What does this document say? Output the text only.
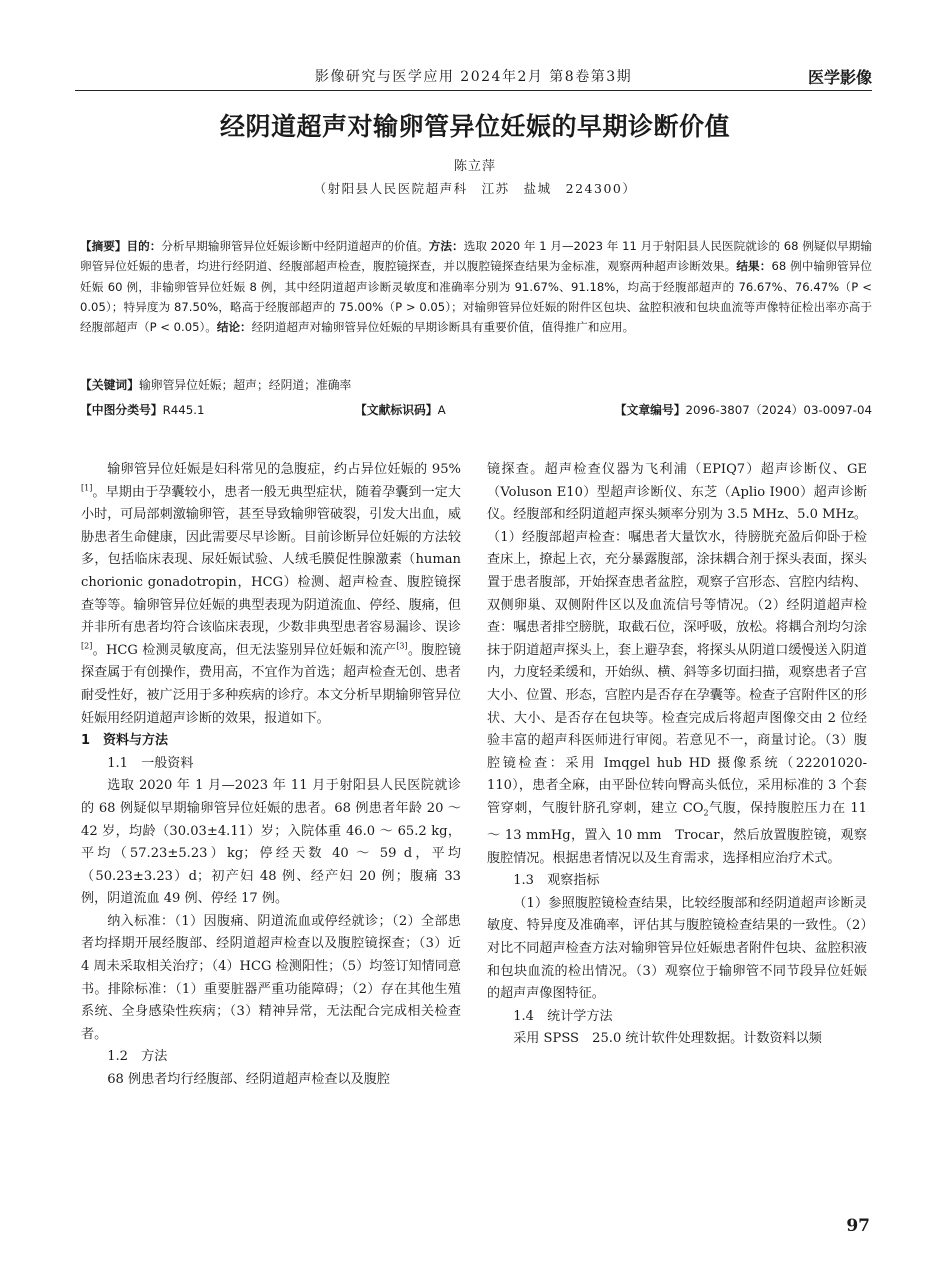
影像研究与医学应用 2024年2月 第8卷第3期	医学影像
经阴道超声对输卵管异位妊娠的早期诊断价值
陈立萍
（射阳县人民医院超声科　江苏　盐城　224300）
【摘要】目的：分析早期输卵管异位妊娠诊断中经阴道超声的价值。方法：选取 2020 年 1 月—2023 年 11 月于射阳县人民医院就诊的 68 例疑似早期输卵管异位妊娠的患者，均进行经阴道、经腹部超声检查，腹腔镜探查，并以腹腔镜探查结果为金标准，观察两种超声诊断效果。结果：68 例中输卵管异位妊娠 60 例，非输卵管异位妊娠 8 例，其中经阴道超声诊断灵敏度和准确率分别为 91.67%、91.18%，均高于经腹部超声的 76.67%、76.47%（P < 0.05）；特异度为 87.50%，略高于经腹部超声的 75.00%（P > 0.05）；对输卵管异位妊娠的附件区包块、盆腔积液和包块血流等声像特征检出率亦高于经腹部超声（P < 0.05）。结论：经阴道超声对输卵管异位妊娠的早期诊断具有重要价值，值得推广和应用。
【关键词】输卵管异位妊娠；超声；经阴道；准确率
【中图分类号】R445.1	【文献标识码】A	【文章编号】2096-3807（2024）03-0097-04

输卵管异位妊娠是妇科常见的急腹症，约占异位妊娠的 95%[1]。早期由于孕囊较小，患者一般无典型症状，随着孕囊到一定大小时，可局部刺激输卵管，甚至导致输卵管破裂，引发大出血，威胁患者生命健康，因此需要尽早诊断。目前诊断异位妊娠的方法较多，包括临床表现、尿妊娠试验、人绒毛膜促性腺激素（human chorionic gonadotropin，HCG）检测、超声检查、腹腔镜探查等等。输卵管异位妊娠的典型表现为阴道流血、停经、腹痛，但并非所有患者均符合该临床表现，少数非典型患者容易漏诊、误诊[2]。HCG 检测灵敏度高，但无法鉴别异位妊娠和流产[3]。腹腔镜探查属于有创操作，费用高，不宜作为首选；超声检查无创、患者耐受性好，被广泛用于多种疾病的诊疗。本文分析早期输卵管异位妊娠用经阴道超声诊断的效果，报道如下。

1　资料与方法

1.1　一般资料

选取 2020 年 1 月—2023 年 11 月于射阳县人民医院就诊的 68 例疑似早期输卵管异位妊娠的患者。68 例患者年龄 20 ～ 42 岁，均龄（30.03±4.11）岁；入院体重 46.0 ～ 65.2 kg，平均（57.23±5.23）kg；停经天数 40 ～ 59 d，平均（50.23±3.23）d；初产妇 48 例、经产妇 20 例；腹痛 33 例，阴道流血 49 例、停经 17 例。

纳入标准：（1）因腹痛、阴道流血或停经就诊；（2）全部患者均择期开展经腹部、经阴道超声检查以及腹腔镜探查；（3）近 4 周未采取相关治疗；（4）HCG 检测阳性；（5）均签订知情同意书。排除标准：（1）重要脏器严重功能障碍；（2）存在其他生殖系统、全身感染性疾病；（3）精神异常，无法配合完成相关检查者。

1.2　方法

68 例患者均行经腹部、经阴道超声检查以及腹腔

镜探查。超声检查仪器为飞利浦（EPIQ7）超声诊断仪、GE（Voluson E10）型超声诊断仪、东芝（Aplio I900）超声诊断仪。经腹部和经阴道超声探头频率分别为 3.5 MHz、5.0 MHz。（1）经腹部超声检查：嘱患者大量饮水，待膀胱充盈后仰卧于检查床上，撩起上衣，充分暴露腹部，涂抹耦合剂于探头表面，探头置于患者腹部，开始探查患者盆腔，观察子宫形态、宫腔内结构、双侧卵巢、双侧附件区以及血流信号等情况。（2）经阴道超声检查：嘱患者排空膀胱，取截石位，深呼吸，放松。将耦合剂均匀涂抹于阴道超声探头上，套上避孕套，将探头从阴道口缓慢送入阴道内，力度轻柔缓和，开始纵、横、斜等多切面扫描，观察患者子宫大小、位置、形态，宫腔内是否存在孕囊等。检查子宫附件区的形状、大小、是否存在包块等。检查完成后将超声图像交由 2 位经验丰富的超声科医师进行审阅。若意见不一，商量讨论。（3）腹腔镜检查：采用 Imqgel hub HD 摄像系统（22201020-110），患者全麻，由平卧位转向臀高头低位，采用标准的 3 个套管穿刺，气腹针脐孔穿刺，建立 $CO_2$气腹，保持腹腔压力在 11 ～ 13 mmHg，置入 10 mm　Trocar，然后放置腹腔镜，观察腹腔情况。根据患者情况以及生育需求，选择相应治疗术式。

1.3　观察指标

（1）参照腹腔镜检查结果，比较经腹部和经阴道超声诊断灵敏度、特异度及准确率，评估其与腹腔镜检查结果的一致性。（2）对比不同超声检查方法对输卵管异位妊娠患者附件包块、盆腔积液和包块血流的检出情况。（3）观察位于输卵管不同节段异位妊娠的超声声像图特征。

1.4　统计学方法

采用 SPSS　25.0 统计软件处理数据。计数资料以频

97
